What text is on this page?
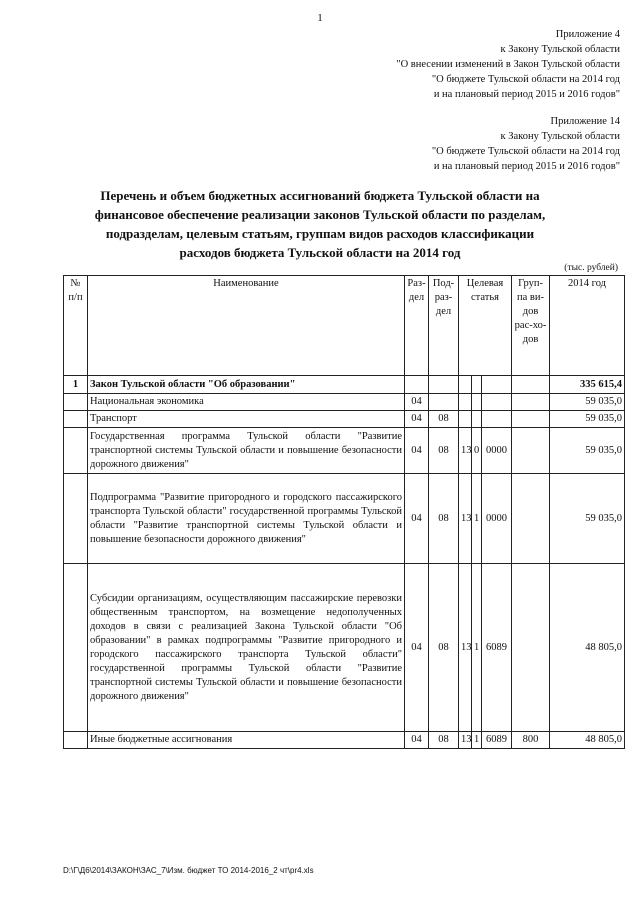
1
Приложение 4
к Закону Тульской области
"О внесении изменений в Закон Тульской области
"О бюджете Тульской области на 2014 год
и на плановый период 2015 и 2016 годов"
Приложение 14
к Закону Тульской области
"О бюджете Тульской области на 2014 год
и на плановый период 2015 и 2016 годов"
Перечень и объем бюджетных ассигнований бюджета Тульской области на
финансовое обеспечение реализации законов Тульской области по разделам,
подразделам, целевым статьям, группам видов расходов классификации
расходов бюджета Тульской области на 2014 год
(тыс. рублей)
№ п/п	Наименование	Раз-дел	Под-раз-дел	Целевая статья			Груп-па ви-дов рас-хо-дов	2014 год
1	Закон Тульской области "Об образовании"							335 615,4
	Национальная экономика	04						59 035,0
	Транспорт	04	08					59 035,0
	Государственная программа Тульской области "Развитие транспортной системы Тульской области и повышение безопасности дорожного движения"	04	08	13	0	0000		59 035,0
	Подпрограмма "Развитие пригородного и городского пассажирского транспорта Тульской области" государственной программы Тульской области "Развитие транспортной системы Тульской области и повышение безопасности дорожного движения"	04	08	13	1	0000		59 035,0
	Субсидии организациям, осуществляющим пассажирские перевозки общественным транспортом, на возмещение недополученных доходов в связи с реализацией Закона Тульской области "Об образовании" в рамках подпрограммы "Развитие пригородного и городского пассажирского транспорта Тульской области" государственной программы Тульской области "Развитие транспортной системы Тульской области и повышение безопасности дорожного движения"	04	08	13	1	6089		48 805,0
	Иные бюджетные ассигнования	04	08	13	1	6089	800	48 805,0
D:\Г\Д6\2014\ЗАКОН\ЗАС_7\Изм. бюджет ТО 2014-2016_2 чт\pr4.xls
